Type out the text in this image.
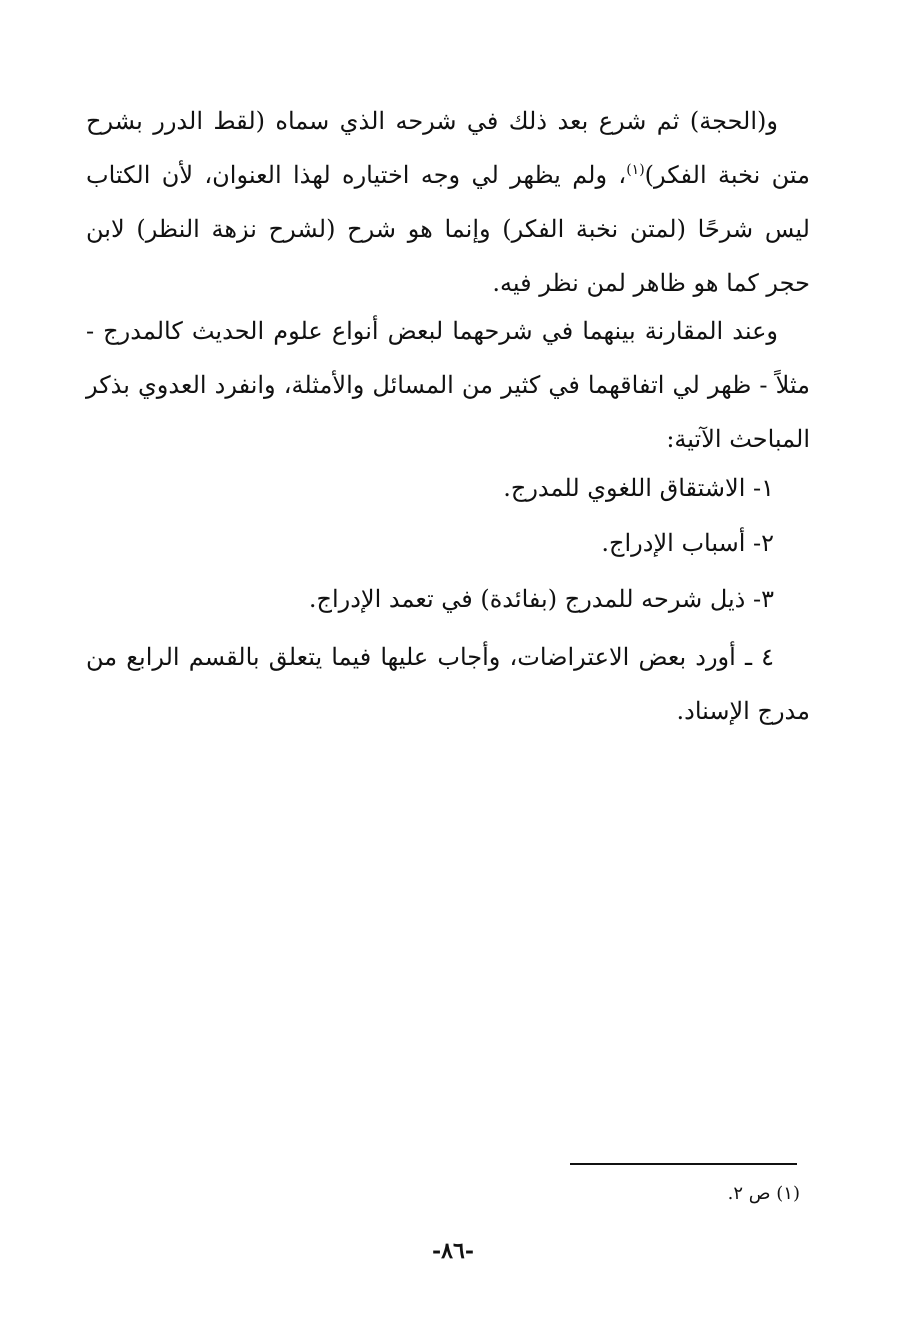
و(الحجة) ثم شرع بعد ذلك في شرحه الذي سماه (لقط الدرر بشرح متن نخبة الفكر)$^{(١)}$، ولم يظهر لي وجه اختياره لهذا العنوان، لأن الكتاب ليس شرحًا (لمتن نخبة الفكر) وإنما هو شرح (لشرح نزهة النظر) لابن حجر كما هو ظاهر لمن نظر فيه.

وعند المقارنة بينهما في شرحهما لبعض أنواع علوم الحديث كالمدرج - مثلاً - ظهر لي اتفاقهما في كثير من المسائل والأمثلة، وانفرد العدوي بذكر المباحث الآتية:

١- الاشتقاق اللغوي للمدرج.

٢- أسباب الإدراج.

٣- ذيل شرحه للمدرج (بفائدة) في تعمد الإدراج.

٤ ـ أورد بعض الاعتراضات، وأجاب عليها فيما يتعلق بالقسم الرابع من مدرج الإسناد.

(١) ص ٢.
-٨٦-
